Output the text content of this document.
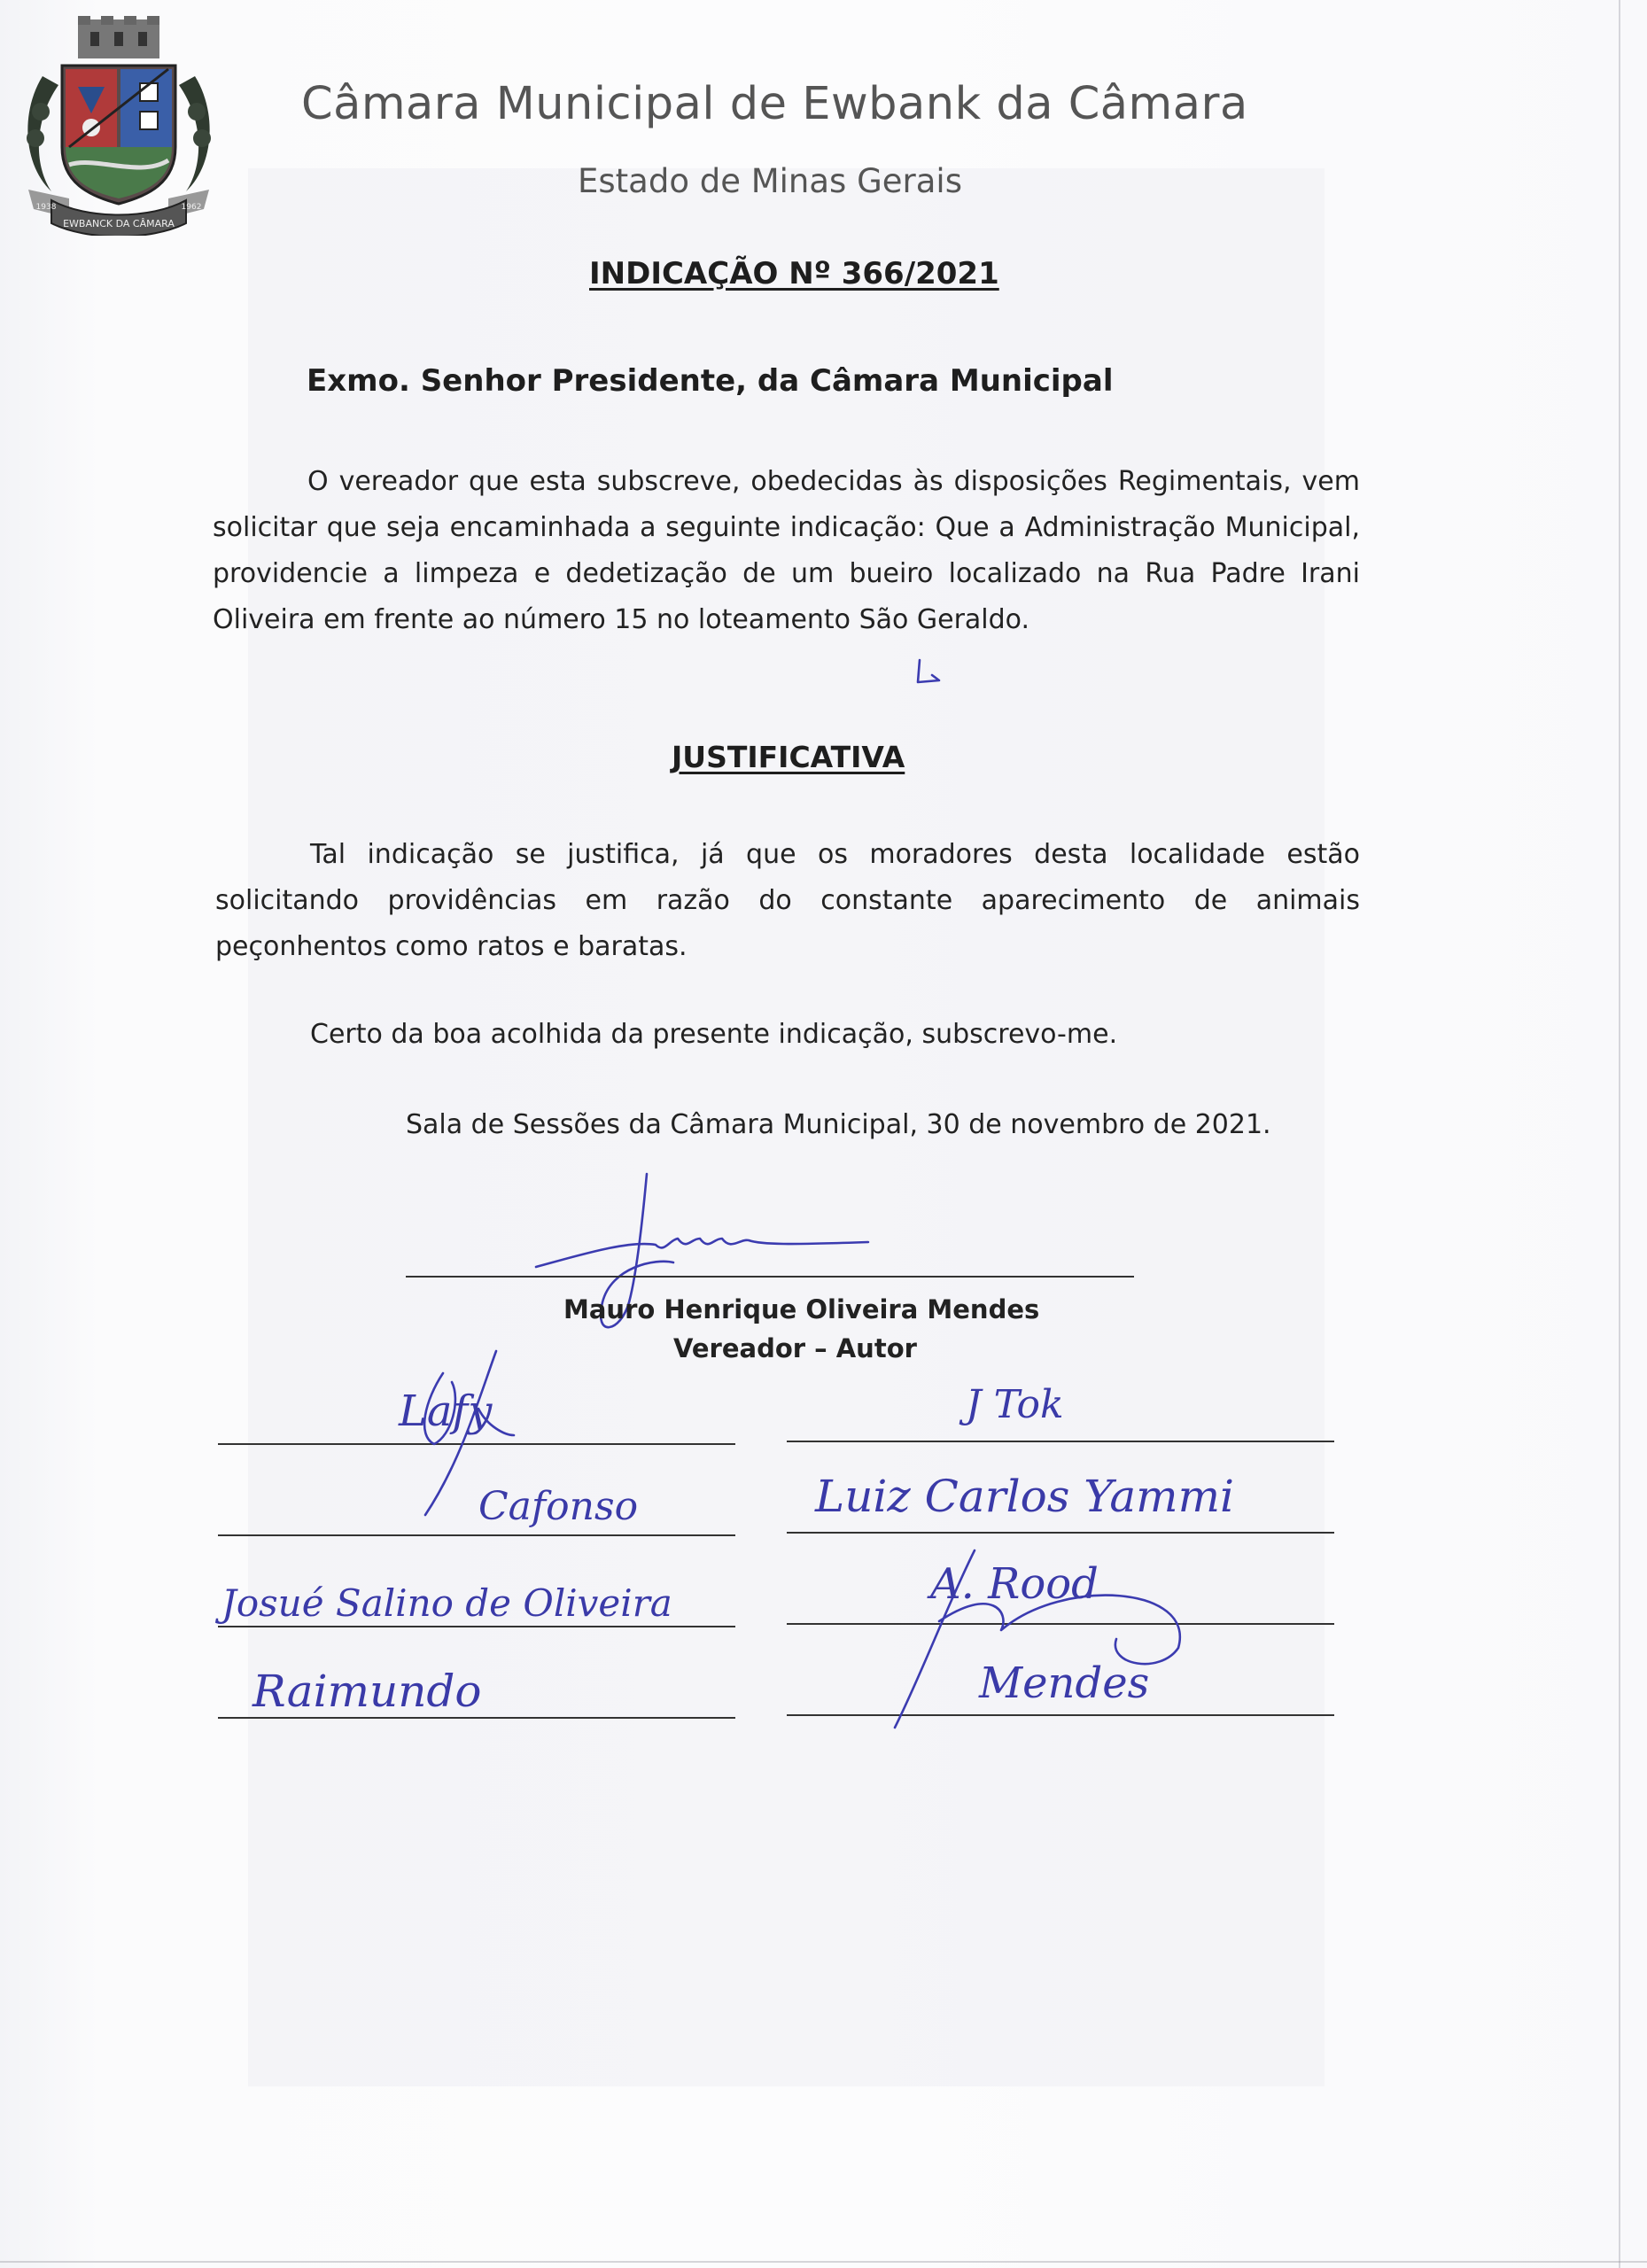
EWBANCK DA CÂMARA
1938	1962
Câmara Municipal de Ewbank da Câmara

Estado de Minas Gerais

INDICAÇÃO Nº 366/2021

Exmo. Senhor Presidente, da Câmara Municipal

O vereador que esta subscreve, obedecidas às disposições Regimentais, vem solicitar que seja encaminhada a seguinte indicação: Que a Administração Municipal, providencie a limpeza e dedetização de um bueiro localizado na Rua Padre Irani Oliveira em frente ao número 15 no loteamento São Geraldo.

JUSTIFICATIVA

Tal indicação se justifica, já que os moradores desta localidade estão solicitando providências em razão do constante aparecimento de animais peçonhentos como ratos e baratas.

Certo da boa acolhida da presente indicação, subscrevo-me.

Sala de Sessões da Câmara Municipal, 30 de novembro de 2021.

Mauro Henrique Oliveira Mendes

Vereador – Autor

Lafy
Cafonso
Josué Salino de Oliveira
Raimundo
J Tok
Luiz Carlos Yammi
A. Rood
Mendes
